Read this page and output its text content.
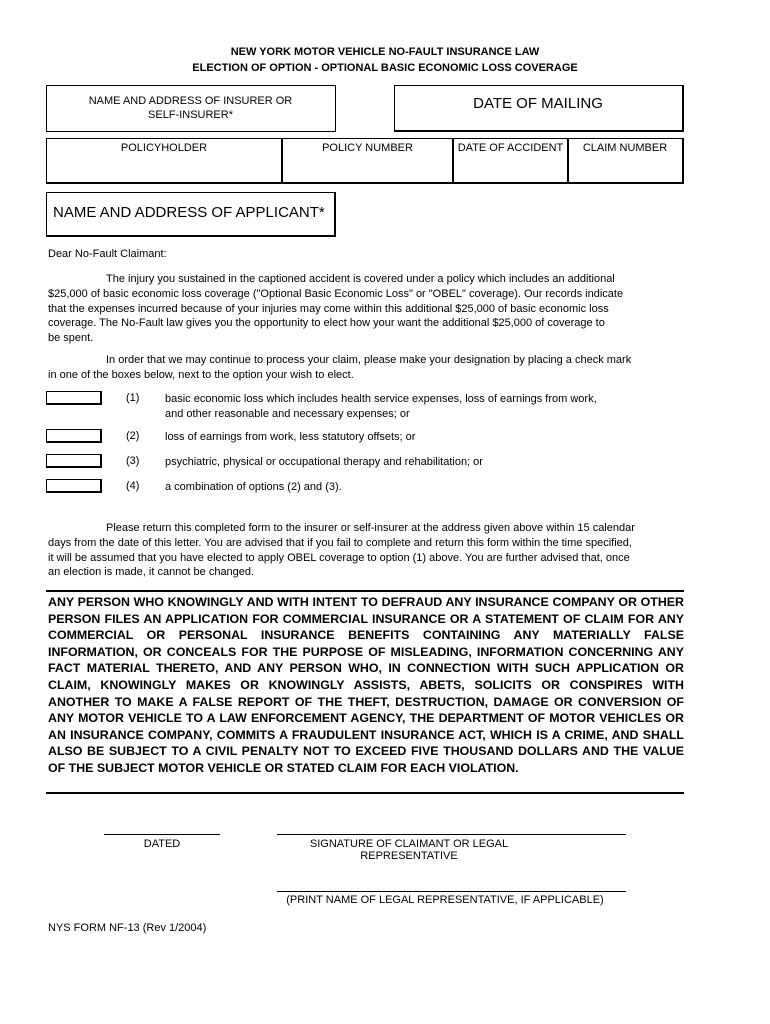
NEW YORK MOTOR VEHICLE NO-FAULT INSURANCE LAW
ELECTION OF OPTION - OPTIONAL BASIC ECONOMIC LOSS COVERAGE
NAME AND ADDRESS OF INSURER OR
SELF-INSURER*
DATE OF MAILING
POLICYHOLDER	POLICY NUMBER	DATE OF ACCIDENT	CLAIM NUMBER
NAME AND ADDRESS OF APPLICANT*
Dear No-Fault Claimant:
The injury you sustained in the captioned accident is covered under a policy which includes an additional
$25,000 of basic economic loss coverage ("Optional Basic Economic Loss" or "OBEL" coverage). Our records indicate
that the expenses incurred because of your injuries may come within this additional $25,000 of basic economic loss
coverage. The No-Fault law gives you the opportunity to elect how your want the additional $25,000 of coverage to
be spent.
In order that we may continue to process your claim, please make your designation by placing a check mark
in one of the boxes below, next to the option your wish to elect.
(1) basic economic loss which includes health service expenses, loss of earnings from work,
and other reasonable and necessary expenses; or
(2) loss of earnings from work, less statutory offsets; or
(3) psychiatric, physical or occupational therapy and rehabilitation; or
(4) a combination of options (2) and (3).
Please return this completed form to the insurer or self-insurer at the address given above within 15 calendar
days from the date of this letter. You are advised that if you fail to complete and return this form within the time specified,
it will be assumed that you have elected to apply OBEL coverage to option (1) above. You are further advised that, once
an election is made, it cannot be changed.
ANY PERSON WHO KNOWINGLY AND WITH INTENT TO DEFRAUD ANY INSURANCE COMPANY OR OTHER PERSON FILES AN APPLICATION FOR COMMERCIAL INSURANCE OR A STATEMENT OF CLAIM FOR ANY COMMERCIAL OR PERSONAL INSURANCE BENEFITS CONTAINING ANY MATERIALLY FALSE INFORMATION, OR CONCEALS FOR THE PURPOSE OF MISLEADING, INFORMATION CONCERNING ANY FACT MATERIAL THERETO, AND ANY PERSON WHO, IN CONNECTION WITH SUCH APPLICATION OR CLAIM, KNOWINGLY MAKES OR KNOWINGLY ASSISTS, ABETS, SOLICITS OR CONSPIRES WITH ANOTHER TO MAKE A FALSE REPORT OF THE THEFT, DESTRUCTION, DAMAGE OR CONVERSION OF ANY MOTOR VEHICLE TO A LAW ENFORCEMENT AGENCY, THE DEPARTMENT OF MOTOR VEHICLES OR AN INSURANCE COMPANY, COMMITS A FRAUDULENT INSURANCE ACT, WHICH IS A CRIME, AND SHALL ALSO BE SUBJECT TO A CIVIL PENALTY NOT TO EXCEED FIVE THOUSAND DOLLARS AND THE VALUE OF THE SUBJECT MOTOR VEHICLE OR STATED CLAIM FOR EACH VIOLATION.
DATED	SIGNATURE OF CLAIMANT OR LEGAL REPRESENTATIVE
(PRINT NAME OF LEGAL REPRESENTATIVE, IF APPLICABLE)
NYS FORM NF-13 (Rev 1/2004)
